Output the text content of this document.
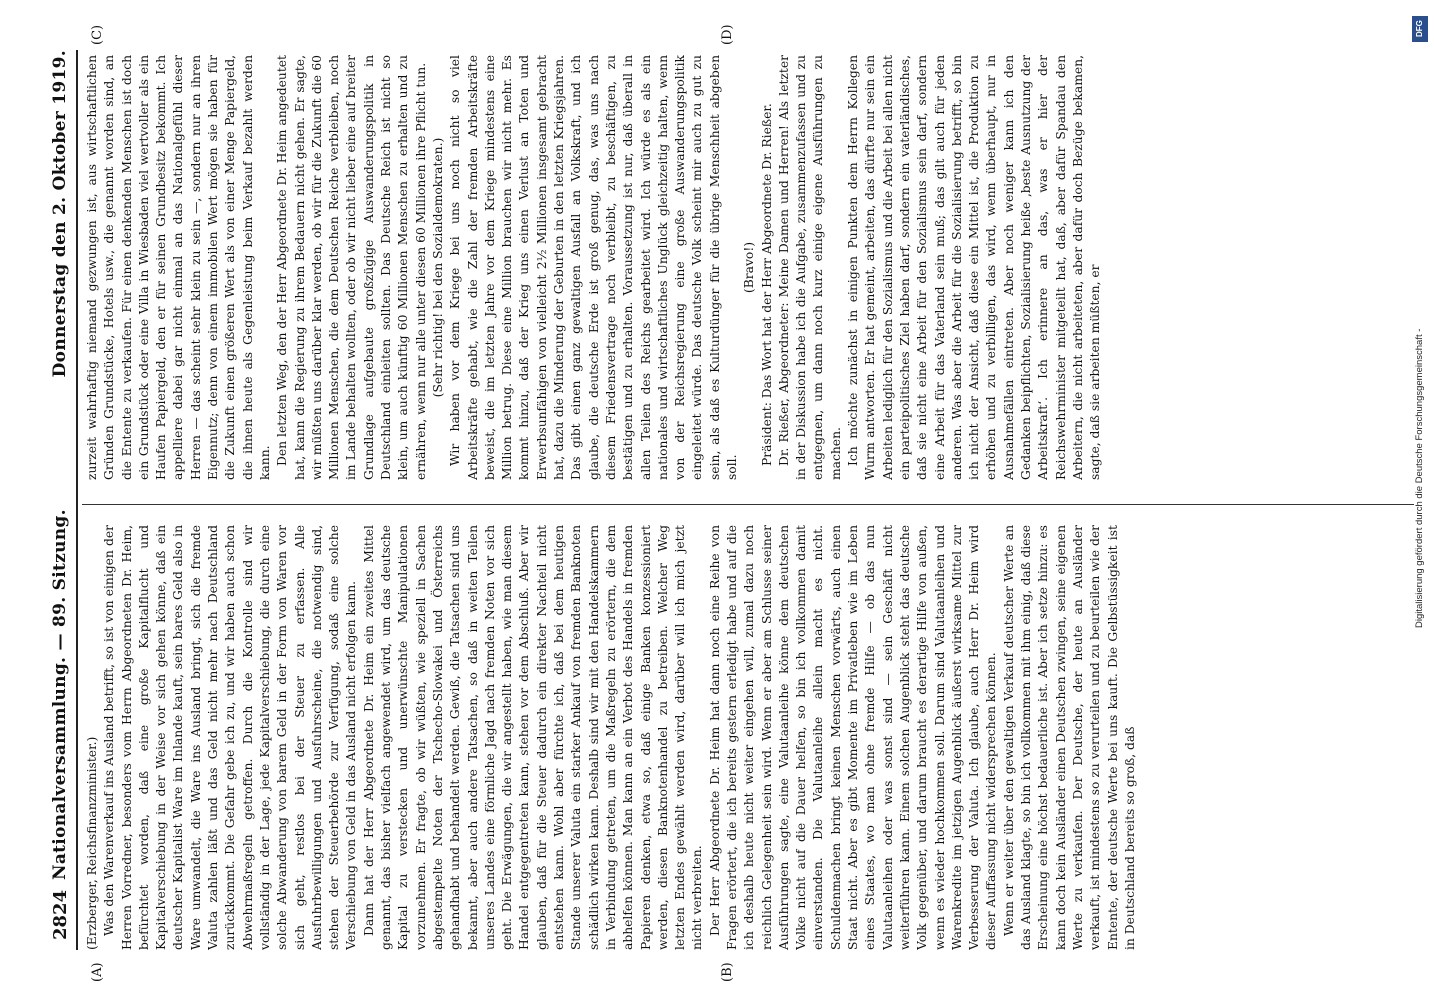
2824
Nationalversammlung. — 89. Sitzung.
Donnerstag den 2. Oktober 1919.
(A)	(B)
(C)	(D)

(Erzberger, Reichsfinanzminister.) Was den Warenverkauf ins Ausland betrifft, so ist von einigen der Herren Vorredner, besonders vom Herrn Abgeordneten Dr. Heim, befürchtet worden, daß eine große Kapitalflucht und Kapitalverschiebung in der Weise vor sich gehen könne, daß ein deutscher Kapitalist Ware im Inlande kauft, sein bares Geld also in Ware umwandelt, die Ware ins Ausland bringt, sich die fremde Valuta zahlen läßt und das Geld nicht mehr nach Deutschland zurückkommt. Die Gefahr gebe ich zu, und wir haben auch schon Abwehrmaßregeln getroffen. Durch die Kontrolle sind wir vollständig in der Lage, jede Kapitalverschiebung, die durch eine solche Abwanderung von barem Geld in der Form von Waren vor sich geht, restlos bei der Steuer zu erfassen. Alle Ausfuhrbewilligungen und Ausfuhrscheine, die notwendig sind, stehen der Steuerbehörde zur Verfügung, sodaß eine solche Verschiebung von Geld in das Ausland nicht erfolgen kann. Dann hat der Herr Abgeordnete Dr. Heim ein zweites Mittel genannt, das bisher vielfach angewendet wird, um das deutsche Kapital zu verstecken und unerwünschte Manipulationen vorzunehmen. Er fragte, ob wir wüßten, wie speziell in Sachen abgestempelte Noten der Tschecho-Slowakei und Österreichs gehandhabt und behandelt werden. Gewiß, die Tatsachen sind uns bekannt, aber auch andere Tatsachen, so daß in weiten Teilen unseres Landes eine förmliche Jagd nach fremden Noten vor sich geht. Die Erwägungen, die wir angestellt haben, wie man diesem Handel entgegentreten kann, stehen vor dem Abschluß. Aber wir glauben, daß für die Steuer dadurch ein direkter Nachteil nicht entstehen kann. Wohl aber fürchte ich, daß bei dem heutigen Stande unserer Valuta ein starker Ankauf von fremden Banknoten schädlich wirken kann. Deshalb sind wir mit den Handelskammern in Verbindung getreten, um die Maßregeln zu erörtern, die dem abhelfen können. Man kann an ein Verbot des Handels in fremden Papieren denken, etwa so, daß einige Banken konzessioniert werden, diesen Banknotenhandel zu betreiben. Welcher Weg letzten Endes gewählt werden wird, darüber will ich mich jetzt nicht verbreiten. Der Herr Abgeordnete Dr. Heim hat dann noch eine Reihe von Fragen erörtert, die ich bereits gestern erledigt habe und auf die ich deshalb heute nicht weiter eingehen will, zumal dazu noch reichlich Gelegenheit sein wird. Wenn er aber am Schlusse seiner Ausführungen sagte, eine Valutaanleihe könne dem deutschen Volke nicht auf die Dauer helfen, so bin ich vollkommen damit einverstanden. Die Valutaanleihe allein macht es nicht. Schuldenmachen bringt keinen Menschen vorwärts, auch einen Staat nicht. Aber es gibt Momente im Privatleben wie im Leben eines Staates, wo man ohne fremde Hilfe — ob das nun Valutaanleihen oder was sonst sind — sein Geschäft nicht weiterführen kann. Einem solchen Augenblick steht das deutsche Volk gegenüber, und darum braucht es derartige Hilfe von außen, wenn es wieder hochkommen soll. Darum sind Valutaanleihen und Warenkredite im jetzigen Augenblick äußerst wirksame Mittel zur Verbesserung der Valuta. Ich glaube, auch Herr Dr. Heim wird dieser Auffassung nicht widersprechen können. Wenn er weiter über den gewaltigen Verkauf deutscher Werte an das Ausland klagte, so bin ich vollkommen mit ihm einig, daß diese Erscheinung eine höchst bedauerliche ist. Aber ich setze hinzu: es kann doch kein Ausländer einen Deutschen zwingen, seine eigenen Werte zu verkaufen. Der Deutsche, der heute an Ausländer verkauft, ist mindestens so zu verurteilen und zu beurteilen wie der Entente, der deutsche Werte bei uns kauft. Die Gelbstüssigkeit ist in Deutschland bereits so groß, daß

zurzeit wahrhaftig niemand gezwungen ist, aus wirtschaftlichen Gründen Grundstücke, Hotels usw., die genannt worden sind, an die Entente zu verkaufen. Für einen denkenden Menschen ist doch ein Grundstück oder eine Villa in Wiesbaden viel wertvoller als ein Haufen Papiergeld, den er für seinen Grundbesitz bekommt. Ich appelliere dabei gar nicht einmal an das Nationalgefühl dieser Herren — das scheint sehr klein zu sein —, sondern nur an ihren Eigennutz; denn von einem immobilen Wert mögen sie haben für die Zukunft einen größeren Wert als von einer Menge Papiergeld, die ihnen heute als Gegenleistung beim Verkauf bezahlt werden kann. Den letzten Weg, den der Herr Abgeordnete Dr. Heim angedeutet hat, kann die Regierung zu ihrem Bedauern nicht gehen. Er sagte, wir müßten uns darüber klar werden, ob wir für die Zukunft die 60 Millionen Menschen, die dem Deutschen Reiche verbleiben, noch im Lande behalten wollten, oder ob wir nicht lieber eine auf breiter Grundlage aufgebaute großzügige Auswanderungspolitik in Deutschland einleiten sollten. Das Deutsche Reich ist nicht so klein, um auch künftig 60 Millionen Menschen zu erhalten und zu ernähren, wenn nur alle unter diesen 60 Millionen ihre Pflicht tun. (Sehr richtig! bei den Sozialdemokraten.) Wir haben vor dem Kriege bei uns noch nicht so viel Arbeitskräfte gehabt, wie die Zahl der fremden Arbeitskräfte beweist, die im letzten Jahre vor dem Kriege mindestens eine Million betrug. Diese eine Million brauchen wir nicht mehr. Es kommt hinzu, daß der Krieg uns einen Verlust an Toten und Erwerbsunfähigen von vielleicht 2½ Millionen insgesamt gebracht hat, dazu die Minderung der Geburten in den letzten Kriegsjahren. Das gibt einen ganz gewaltigen Ausfall an Volkskraft, und ich glaube, die deutsche Erde ist groß genug, das, was uns nach diesem Friedensvertrage noch verbleibt, zu beschäftigen, zu bestätigen und zu erhalten. Voraussetzung ist nur, daß überall in allen Teilen des Reichs gearbeitet wird. Ich würde es als ein nationales und wirtschaftliches Unglück gleichzeitig halten, wenn von der Reichsregierung eine große Auswanderungspolitik eingeleitet würde. Das deutsche Volk scheint mir auch zu gut zu sein, als daß es Kulturdünger für die übrige Menschheit abgeben soll.

(Bravo!) Präsident: Das Wort hat der Herr Abgeordnete Dr. Rießer. Dr. Rießer, Abgeordneter: Meine Damen und Herren! Als letzter in der Diskussion habe ich die Aufgabe, zusammenzufassen und zu entgegnen, um dann noch kurz einige eigene Ausführungen zu machen. Ich möchte zunächst in einigen Punkten dem Herrn Kollegen Wurm antworten. Er hat gemeint, arbeiten, das dürfte nur sein ein Arbeiten lediglich für den Sozialismus und die Arbeit bei allen nicht ein parteipolitisches Ziel haben darf, sondern ein vaterländisches, daß sie nicht eine Arbeit für den Sozialismus sein darf, sondern eine Arbeit für das Vaterland sein muß; das gilt auch für jeden anderen. Was aber die Arbeit für die Sozialisierung betrifft, so bin ich nicht der Ansicht, daß diese ein Mittel ist, die Produktion zu erhöhen und zu verbilligen, das wird, wenn überhaupt, nur in Ausnahmefällen eintreten. Aber noch weniger kann ich den Gedanken beipflichten, Sozialisierung heiße ‚beste Ausnutzung der Arbeitskraft‘. Ich erinnere an das, was er hier der Reichswehrminister mitgeteilt hat, daß, aber dafür Spandau den Arbeitern, die nicht arbeiteten, aber dafür doch Bezüge bekamen, sagte, daß sie arbeiten müßten, er

DFG
Digitalisierung gefördert durch die Deutsche Forschungsgemeinschaft -
